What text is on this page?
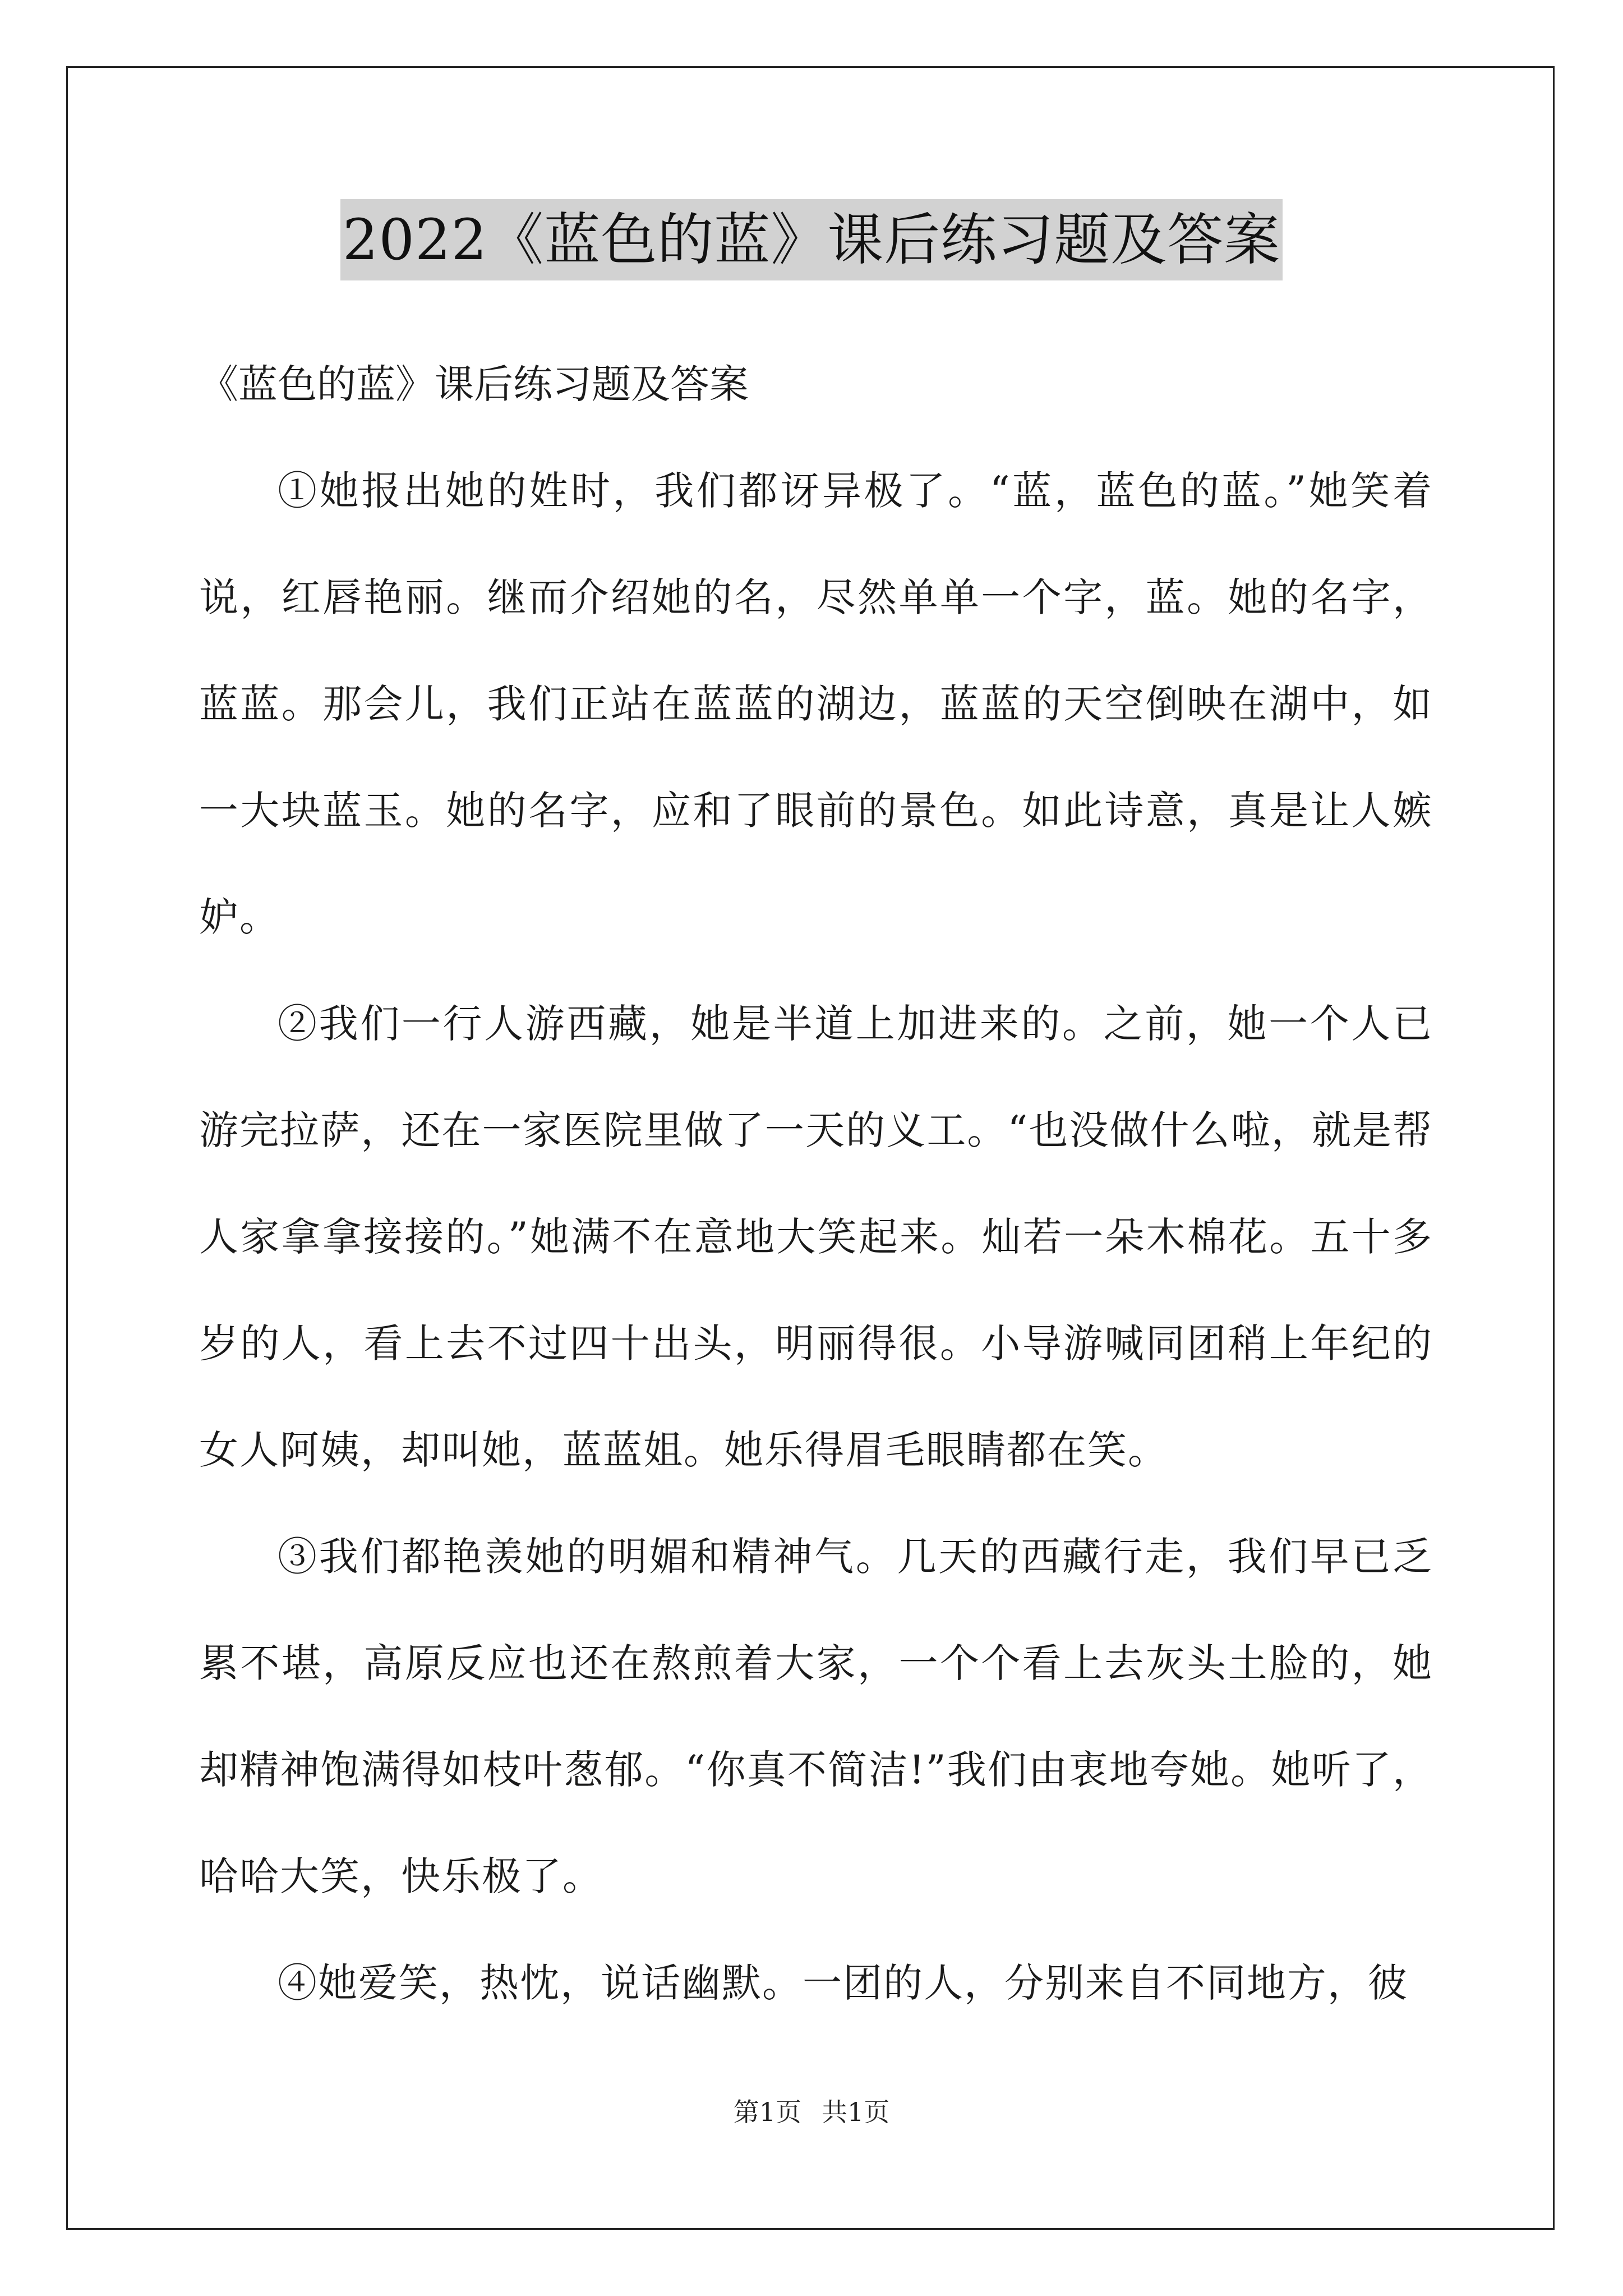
2022《蓝色的蓝》课后练习题及答案

《蓝色的蓝》课后练习题及答案

①她报出她的姓时，我们都讶异极了。“蓝，蓝色的蓝。”她笑着说，红唇艳丽。继而介绍她的名，尽然单单一个字，蓝。她的名字，蓝蓝。那会儿，我们正站在蓝蓝的湖边，蓝蓝的天空倒映在湖中，如一大块蓝玉。她的名字，应和了眼前的景色。如此诗意，真是让人嫉妒。

②我们一行人游西藏，她是半道上加进来的。之前，她一个人已游完拉萨，还在一家医院里做了一天的义工。“也没做什么啦，就是帮人家拿拿接接的。”她满不在意地大笑起来。灿若一朵木棉花。五十多岁的人，看上去不过四十出头，明丽得很。小导游喊同团稍上年纪的女人阿姨，却叫她，蓝蓝姐。她乐得眉毛眼睛都在笑。

③我们都艳羡她的明媚和精神气。几天的西藏行走，我们早已乏累不堪，高原反应也还在熬煎着大家，一个个看上去灰头土脸的，她却精神饱满得如枝叶葱郁。“你真不简洁!”我们由衷地夸她。她听了，哈哈大笑，快乐极了。

④她爱笑，热忱，说话幽默。一团的人，分别来自不同地方，彼

第1页 共1页
